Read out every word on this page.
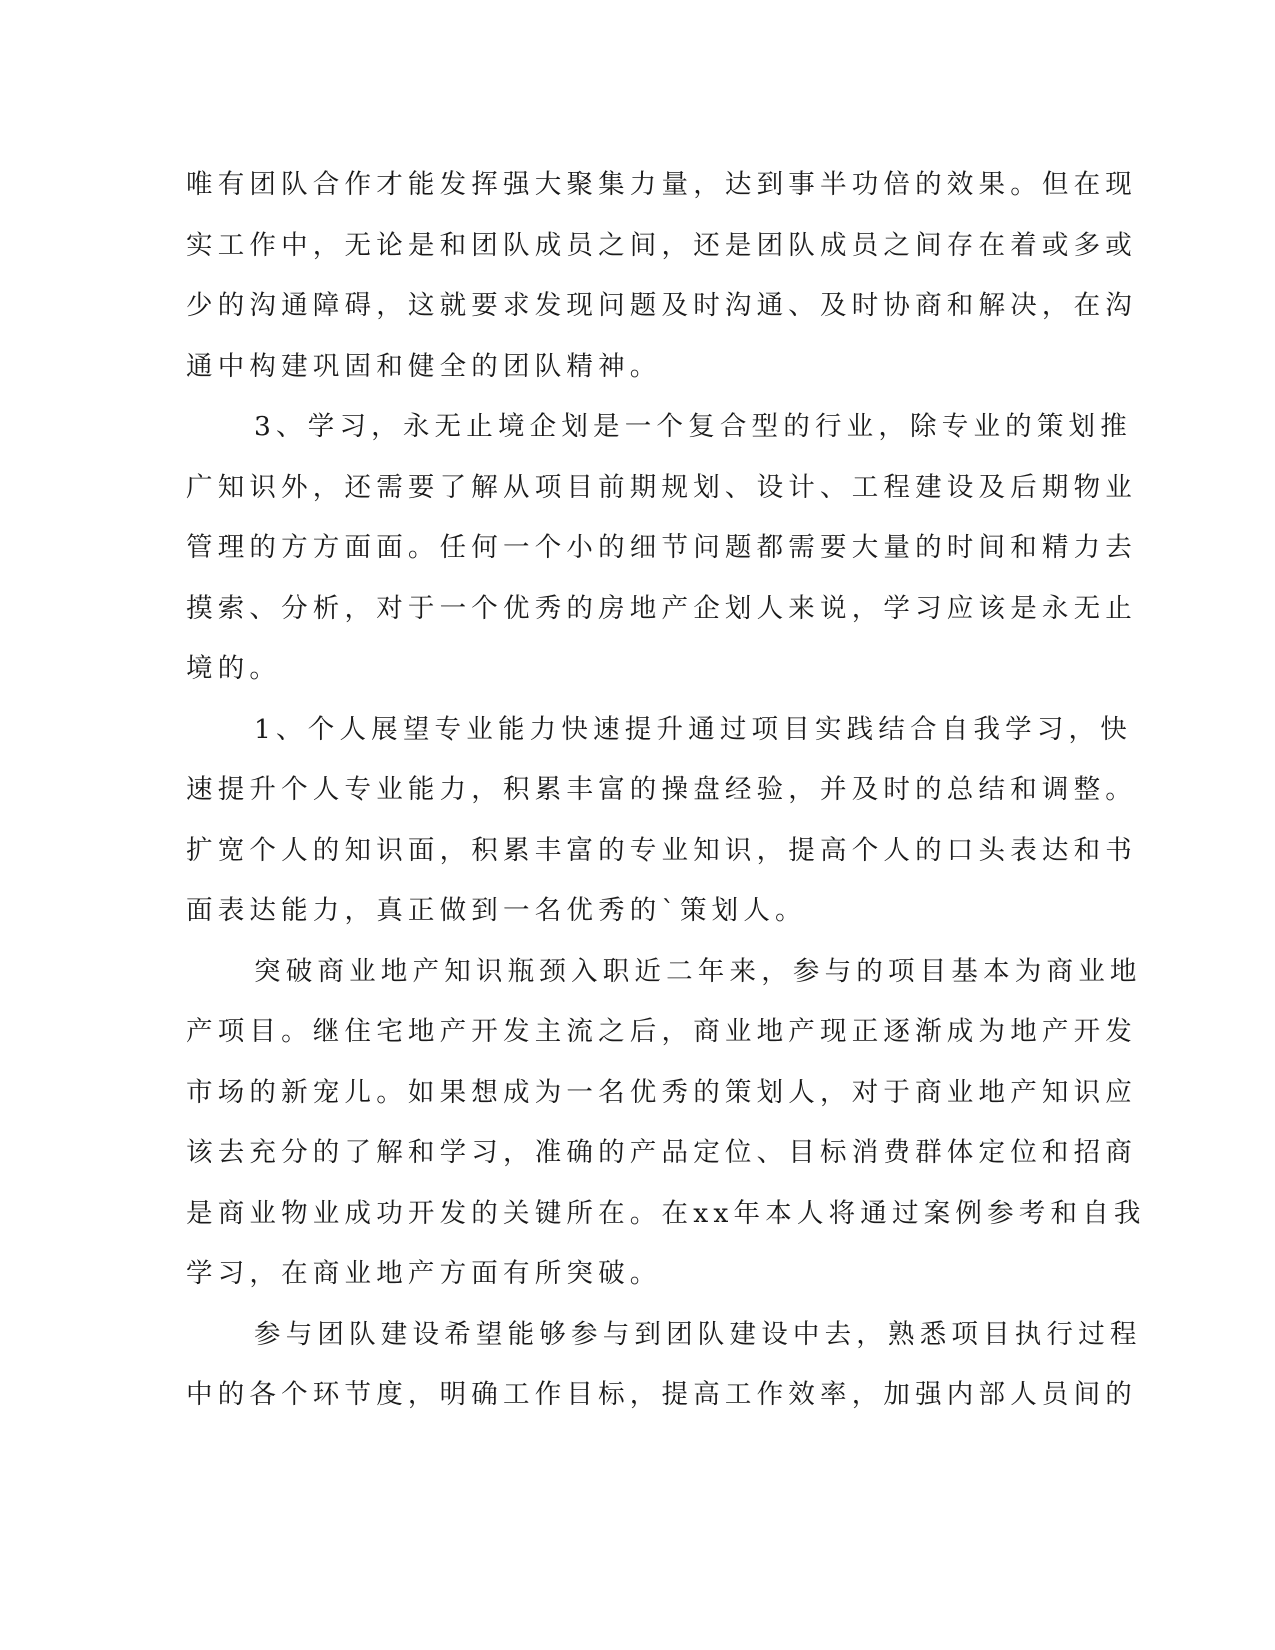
唯有团队合作才能发挥强大聚集力量，达到事半功倍的效果。但在现
实工作中，无论是和团队成员之间，还是团队成员之间存在着或多或
少的沟通障碍，这就要求发现问题及时沟通、及时协商和解决，在沟
通中构建巩固和健全的团队精神。
3、学习，永无止境企划是一个复合型的行业，除专业的策划推
广知识外，还需要了解从项目前期规划、设计、工程建设及后期物业
管理的方方面面。任何一个小的细节问题都需要大量的时间和精力去
摸索、分析，对于一个优秀的房地产企划人来说，学习应该是永无止
境的。
1、个人展望专业能力快速提升通过项目实践结合自我学习，快
速提升个人专业能力，积累丰富的操盘经验，并及时的总结和调整。
扩宽个人的知识面，积累丰富的专业知识，提高个人的口头表达和书
面表达能力，真正做到一名优秀的`策划人。
突破商业地产知识瓶颈入职近二年来，参与的项目基本为商业地
产项目。继住宅地产开发主流之后，商业地产现正逐渐成为地产开发
市场的新宠儿。如果想成为一名优秀的策划人，对于商业地产知识应
该去充分的了解和学习，准确的产品定位、目标消费群体定位和招商
是商业物业成功开发的关键所在。在xx年本人将通过案例参考和自我
学习，在商业地产方面有所突破。
参与团队建设希望能够参与到团队建设中去，熟悉项目执行过程
中的各个环节度，明确工作目标，提高工作效率，加强内部人员间的
